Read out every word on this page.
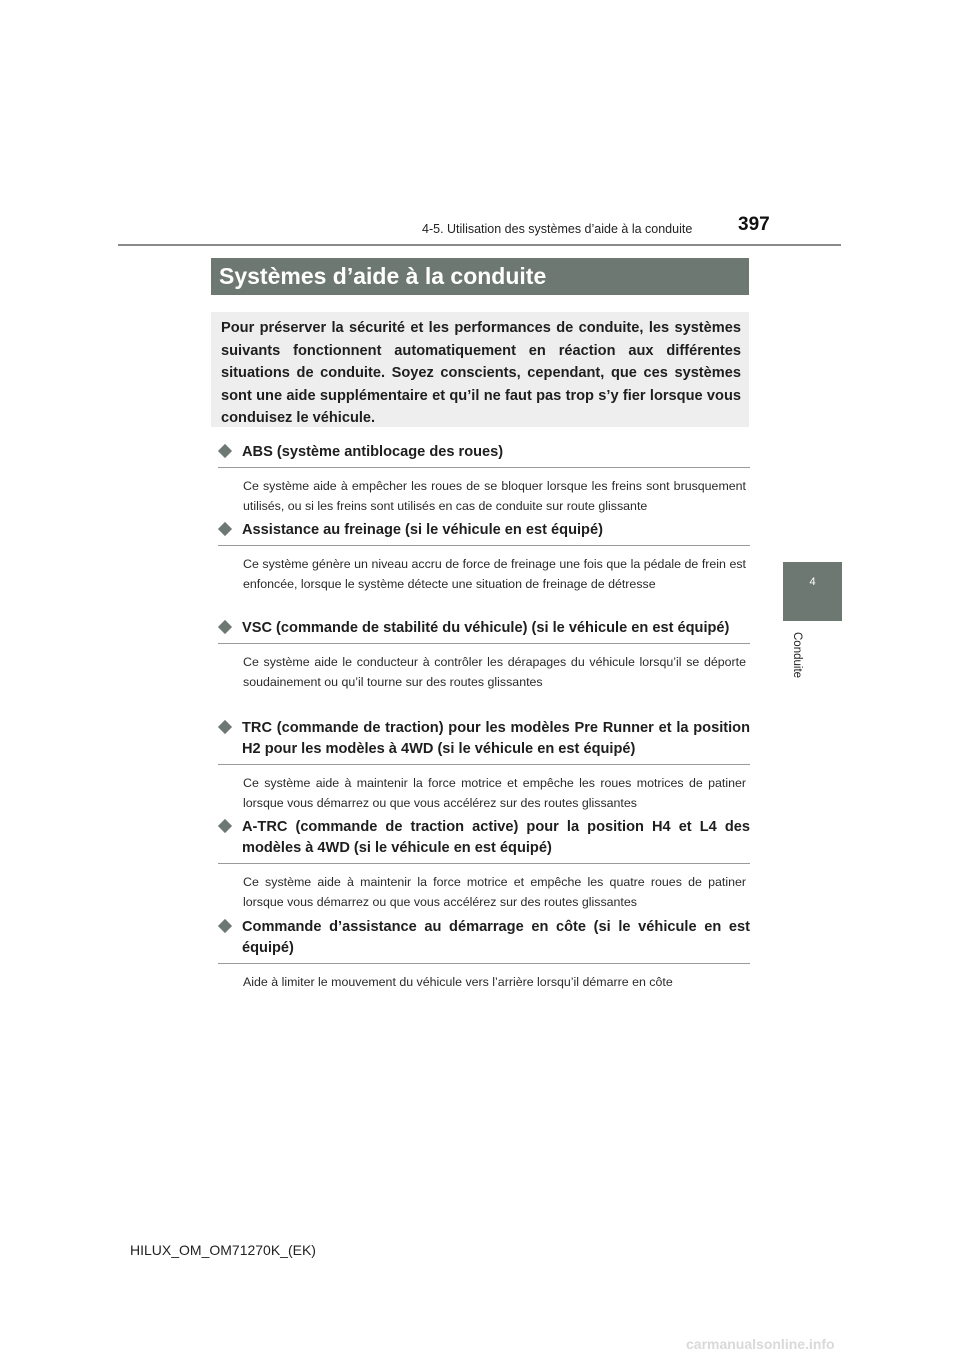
4-5. Utilisation des systèmes d’aide à la conduite 397
4
Conduite
Systèmes d’aide à la conduite
Pour préserver la sécurité et les performances de conduite, les systèmes suivants fonctionnent automatiquement en réaction aux différentes situations de conduite. Soyez conscients, cependant, que ces systèmes sont une aide supplémentaire et qu’il ne faut pas trop s’y fier lorsque vous conduisez le véhicule.
ABS (système antiblocage des roues)
Ce système aide à empêcher les roues de se bloquer lorsque les freins sont brusquement utilisés, ou si les freins sont utilisés en cas de conduite sur route glissante
Assistance au freinage (si le véhicule en est équipé)
Ce système génère un niveau accru de force de freinage une fois que la pédale de frein est enfoncée, lorsque le système détecte une situation de freinage de détresse
VSC (commande de stabilité du véhicule) (si le véhicule en est équipé)
Ce système aide le conducteur à contrôler les dérapages du véhicule lorsqu’il se déporte soudainement ou qu’il tourne sur des routes glissantes
TRC (commande de traction) pour les modèles Pre Runner et la position H2 pour les modèles à 4WD (si le véhicule en est équipé)
Ce système aide à maintenir la force motrice et empêche les roues motrices de patiner lorsque vous démarrez ou que vous accélérez sur des routes glissantes
A-TRC (commande de traction active) pour la position H4 et L4 des modèles à 4WD (si le véhicule en est équipé)
Ce système aide à maintenir la force motrice et empêche les quatre roues de patiner lorsque vous démarrez ou que vous accélérez sur des routes glissantes
Commande d’assistance au démarrage en côte (si le véhicule en est équipé)
Aide à limiter le mouvement du véhicule vers l’arrière lorsqu’il démarre en côte
HILUX_OM_OM71270K_(EK)
carmanualsonline.info
